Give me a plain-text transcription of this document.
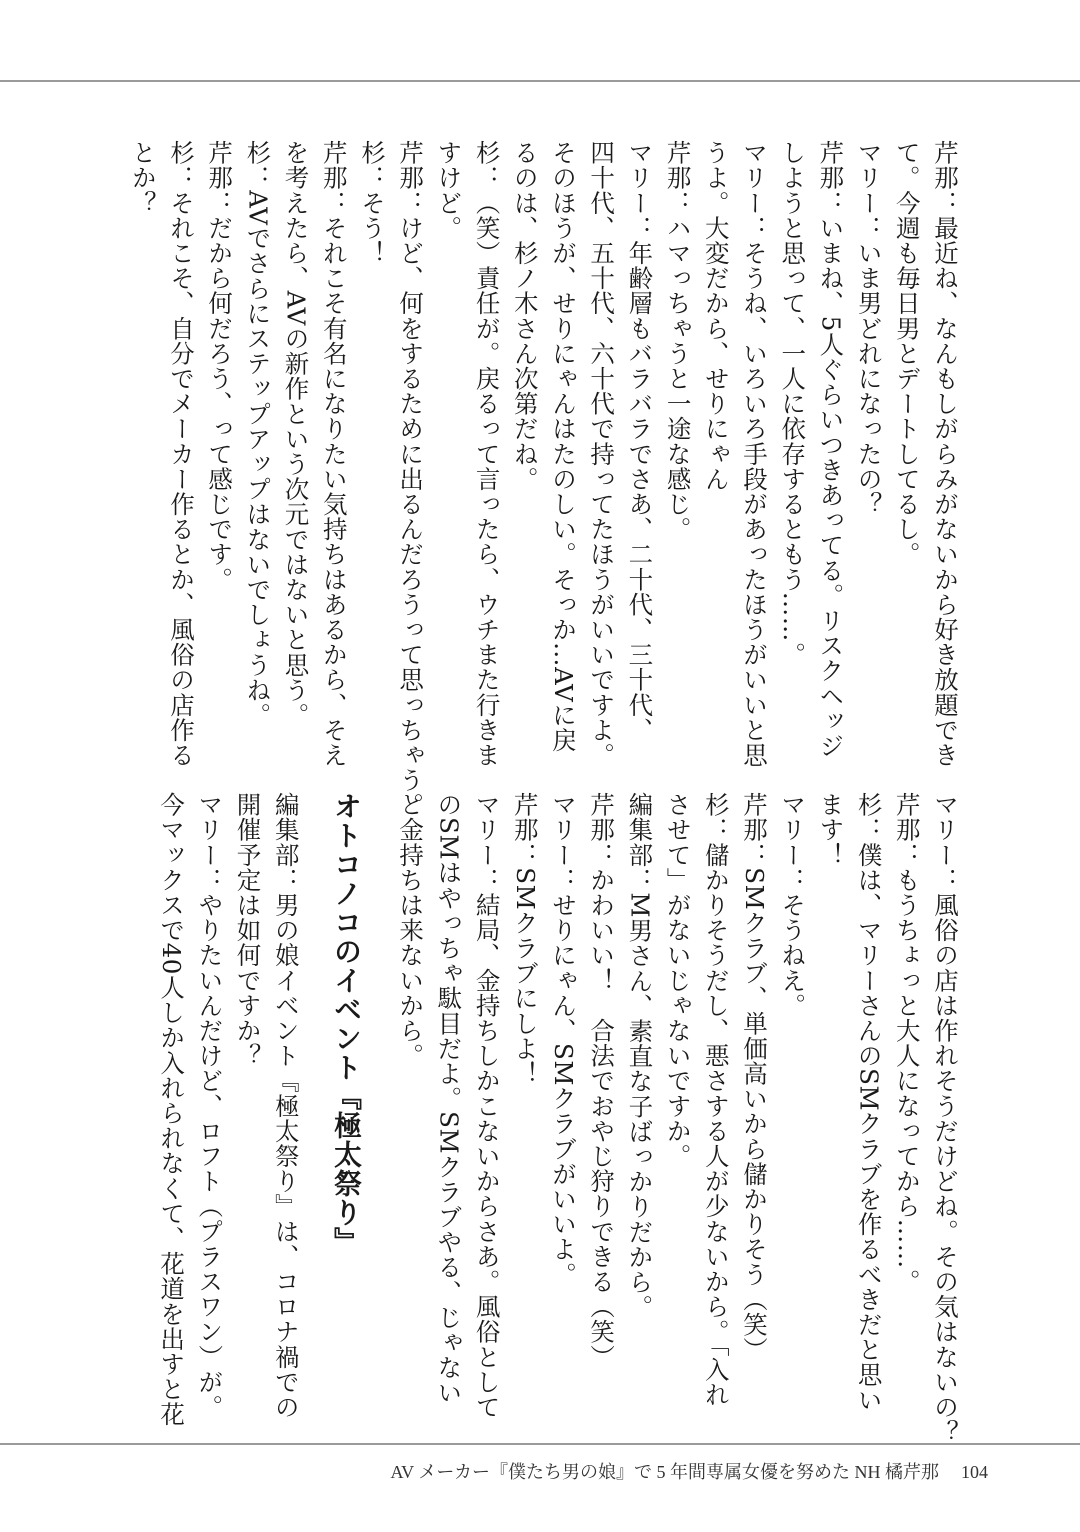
芹那：最近ね、なんもしがらみがないから好き放題でき
て。今週も毎日男とデートしてるし。
マリー：いま男どれになったの？
芹那：いまね、5人ぐらいつきあってる。リスクヘッジ
しようと思って、一人に依存するともう……。
マリー：そうね、いろいろ手段があったほうがいいと思
うよ。大変だから、せりにゃん
芹那：ハマっちゃうと一途な感じ。
マリー：年齢層もバラバラでさあ、二十代、三十代、
四十代、五十代、六十代で持ってたほうがいいですよ。
そのほうが、せりにゃんはたのしい。そっか…AVに戻
るのは、杉ノ木さん次第だね。
杉：（笑）責任が。戻るって言ったら、ウチまた行きま
すけど。
芹那：けど、何をするために出るんだろうって思っちゃう。
杉：そう！
芹那：それこそ有名になりたい気持ちはあるから、そえ
を考えたら、AVの新作という次元ではないと思う。
杉：AVでさらにステップアップはないでしょうね。
芹那：だから何だろう、って感じです。
杉：それこそ、自分でメーカー作るとか、風俗の店作る
とか？
マリー：風俗の店は作れそうだけどね。その気はないの？
芹那：もうちょっと大人になってから……。
杉：僕は、マリーさんのSMクラブを作るべきだと思い
ます！
マリー：そうねえ。
芹那：SMクラブ、単価高いから儲かりそう（笑）
杉：儲かりそうだし、悪さする人が少ないから。「入れ
させて」がないじゃないですか。
編集部：M男さん、素直な子ばっかりだから。
芹那：かわいい！　合法でおやじ狩りできる（笑）
マリー：せりにゃん、SMクラブがいいよ。
芹那：SMクラブにしよ！
マリー：結局、金持ちしかこないからさあ。風俗として
のSMはやっちゃ駄目だよ。SMクラブやる、じゃない
と金持ちは来ないから。
オトコノコのイベント『極太祭り』
編集部：男の娘イベント『極太祭り』は、コロナ禍での
開催予定は如何ですか？
マリー：やりたいんだけど、ロフト（プラスワン）が。
今マックスで40人しか入れられなくて、花道を出すと花
AV メーカー『僕たち男の娘』で 5 年間専属女優を努めた NH 橘芹那 104
